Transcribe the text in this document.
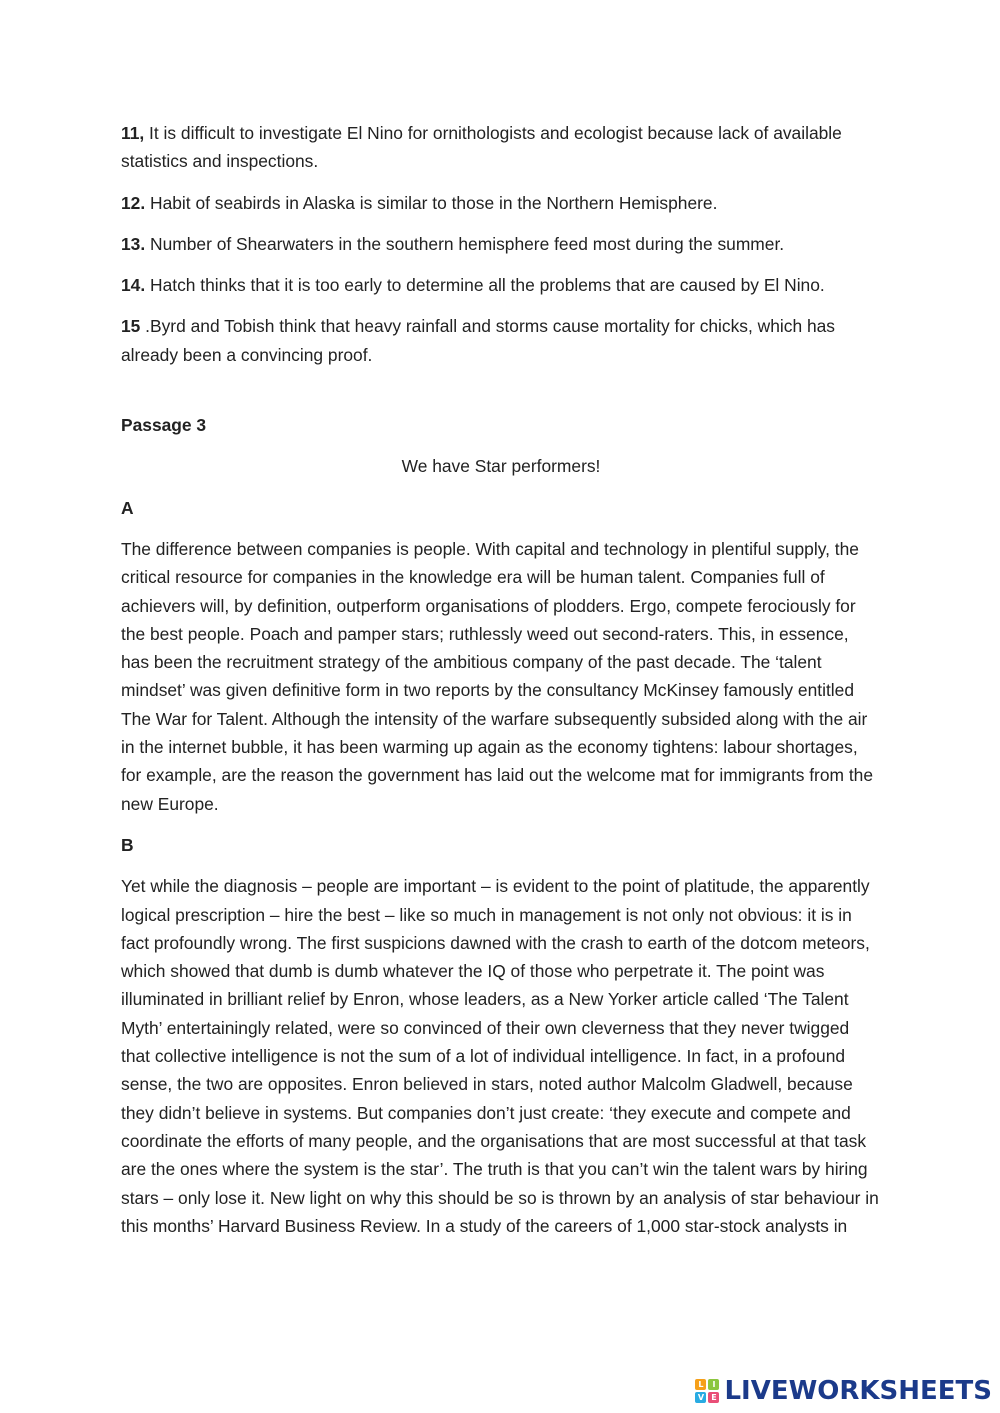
11, It is difficult to investigate El Nino for ornithologists and ecologist because lack of available statistics and inspections.

12. Habit of seabirds in Alaska is similar to those in the Northern Hemisphere.

13. Number of Shearwaters in the southern hemisphere feed most during the summer.

14. Hatch thinks that it is too early to determine all the problems that are caused by El Nino.

15 .Byrd and Tobish think that heavy rainfall and storms cause mortality for chicks, which has already been a convincing proof.

Passage 3

We have Star performers!

A

The difference between companies is people. With capital and technology in plentiful supply, the critical resource for companies in the knowledge era will be human talent. Companies full of achievers will, by definition, outperform organisations of plodders. Ergo, compete ferociously for the best people. Poach and pamper stars; ruthlessly weed out second-raters. This, in essence, has been the recruitment strategy of the ambitious company of the past decade. The ‘talent mindset’ was given definitive form in two reports by the consultancy McKinsey famously entitled The War for Talent. Although the intensity of the warfare subsequently subsided along with the air in the internet bubble, it has been warming up again as the economy tightens: labour shortages, for example, are the reason the government has laid out the welcome mat for immigrants from the new Europe.

B

Yet while the diagnosis – people are important – is evident to the point of platitude, the apparently logical prescription – hire the best – like so much in management is not only not obvious: it is in fact profoundly wrong. The first suspicions dawned with the crash to earth of the dotcom meteors, which showed that dumb is dumb whatever the IQ of those who perpetrate it. The point was illuminated in brilliant relief by Enron, whose leaders, as a New Yorker article called ‘The Talent Myth’ entertainingly related, were so convinced of their own cleverness that they never twigged that collective intelligence is not the sum of a lot of individual intelligence. In fact, in a profound sense, the two are opposites. Enron believed in stars, noted author Malcolm Gladwell, because they didn’t believe in systems. But companies don’t just create: ‘they execute and compete and coordinate the efforts of many people, and the organisations that are most successful at that task are the ones where the system is the star’. The truth is that you can’t win the talent wars by hiring stars – only lose it. New light on why this should be so is thrown by an analysis of star behaviour in this months’ Harvard Business Review. In a study of the careers of 1,000 star-stock analysts in

L	I
V E LIVEWORKSHEETS
